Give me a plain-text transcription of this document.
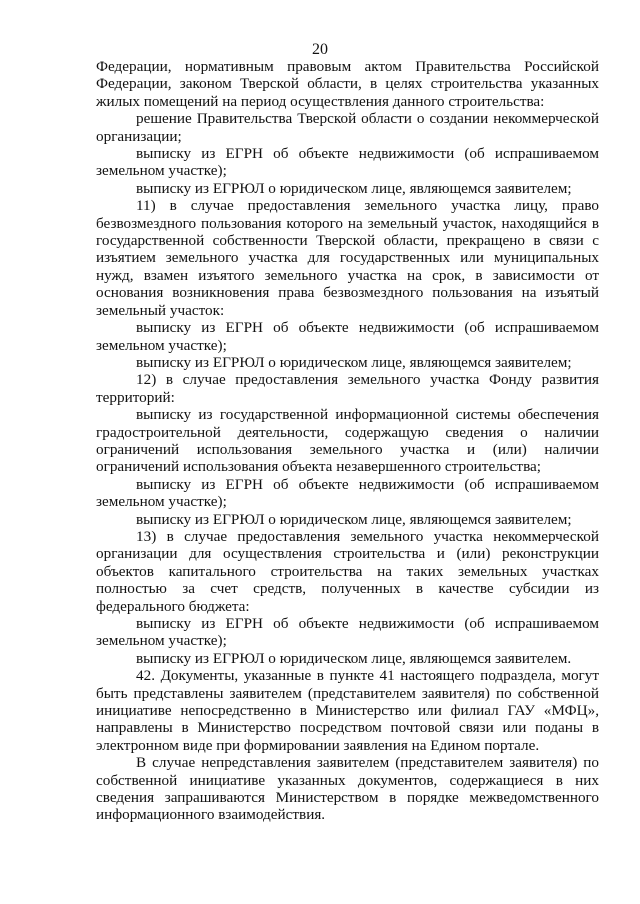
20

Федерации, нормативным правовым актом Правительства Российской Федерации, законом Тверской области, в целях строительства указанных жилых помещений на период осуществления данного строительства:

решение Правительства Тверской области о создании некоммерческой организации;

выписку из ЕГРН об объекте недвижимости (об испрашиваемом земельном участке);

выписку из ЕГРЮЛ о юридическом лице, являющемся заявителем;

11) в случае предоставления земельного участка лицу, право безвозмездного пользования которого на земельный участок, находящийся в государственной собственности Тверской области, прекращено в связи с изъятием земельного участка для государственных или муниципальных нужд, взамен изъятого земельного участка на срок, в зависимости от основания возникновения права безвозмездного пользования на изъятый земельный участок:

выписку из ЕГРН об объекте недвижимости (об испрашиваемом земельном участке);

выписку из ЕГРЮЛ о юридическом лице, являющемся заявителем;

12) в случае предоставления земельного участка Фонду развития территорий:

выписку из государственной информационной системы обеспечения градостроительной деятельности, содержащую сведения о наличии ограничений использования земельного участка и (или) наличии ограничений использования объекта незавершенного строительства;

выписку из ЕГРН об объекте недвижимости (об испрашиваемом земельном участке);

выписку из ЕГРЮЛ о юридическом лице, являющемся заявителем;

13) в случае предоставления земельного участка некоммерческой организации для осуществления строительства и (или) реконструкции объектов капитального строительства на таких земельных участках полностью за счет средств, полученных в качестве субсидии из федерального бюджета:

выписку из ЕГРН об объекте недвижимости (об испрашиваемом земельном участке);

выписку из ЕГРЮЛ о юридическом лице, являющемся заявителем.

42. Документы, указанные в пункте 41 настоящего подраздела, могут быть представлены заявителем (представителем заявителя) по собственной инициативе непосредственно в Министерство или филиал ГАУ «МФЦ», направлены в Министерство посредством почтовой связи или поданы в электронном виде при формировании заявления на Едином портале.

В случае непредставления заявителем (представителем заявителя) по собственной инициативе указанных документов, содержащиеся в них сведения запрашиваются Министерством в порядке межведомственного информационного взаимодействия.
